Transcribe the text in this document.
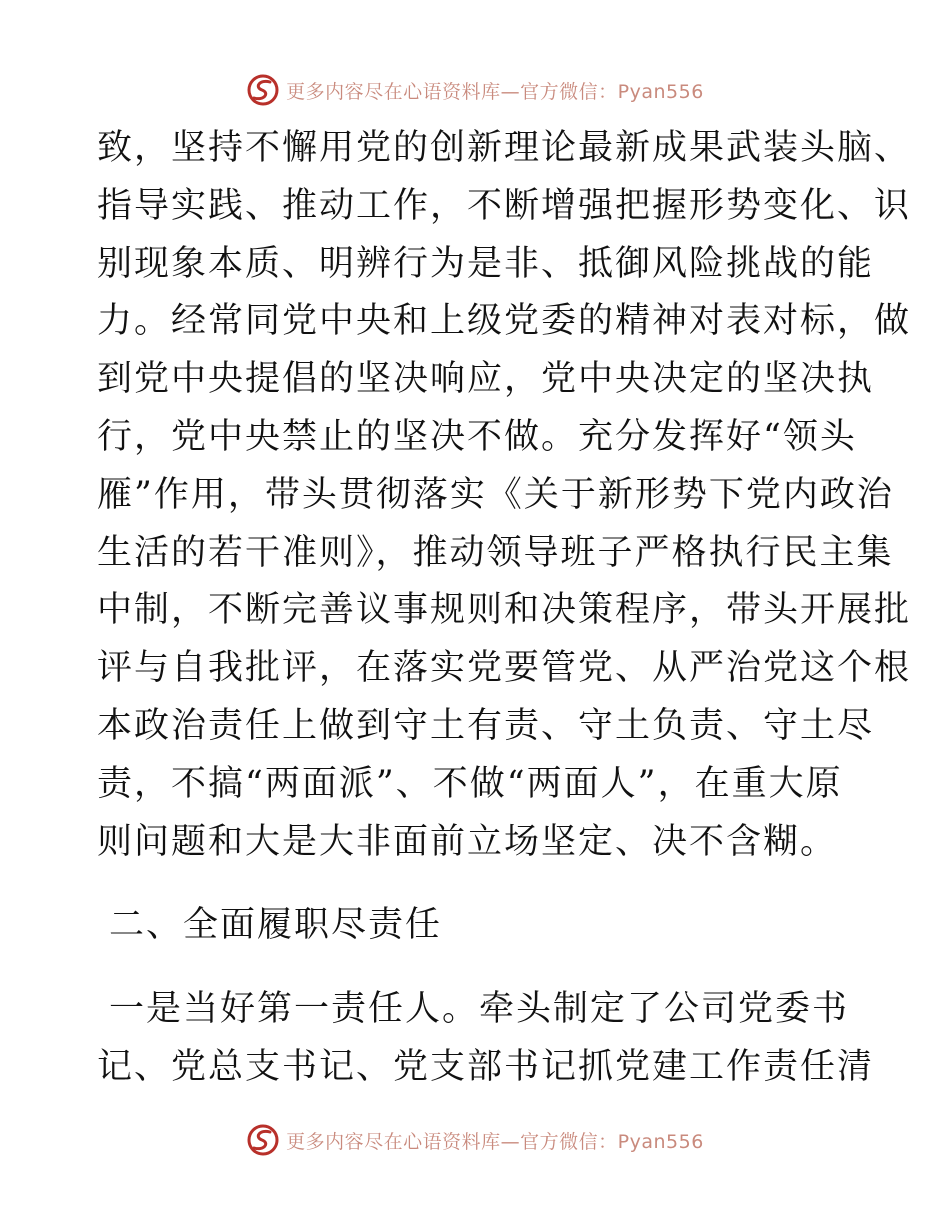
更多内容尽在心语资料库—官方微信：Pyan556
致，坚持不懈用党的创新理论最新成果武装头脑、
指导实践、推动工作，不断增强把握形势变化、识
别现象本质、明辨行为是非、抵御风险挑战的能
力。经常同党中央和上级党委的精神对表对标，做
到党中央提倡的坚决响应，党中央决定的坚决执
行，党中央禁止的坚决不做。充分发挥好“领头
雁”作用，带头贯彻落实《关于新形势下党内政治
生活的若干准则》，推动领导班子严格执行民主集
中制，不断完善议事规则和决策程序，带头开展批
评与自我批评，在落实党要管党、从严治党这个根
本政治责任上做到守土有责、守土负责、守土尽
责，不搞“两面派”、不做“两面人”，在重大原
则问题和大是大非面前立场坚定、决不含糊。
二、全面履职尽责任
一是当好第一责任人。牵头制定了公司党委书
记、党总支书记、党支部书记抓党建工作责任清
更多内容尽在心语资料库—官方微信：Pyan556
